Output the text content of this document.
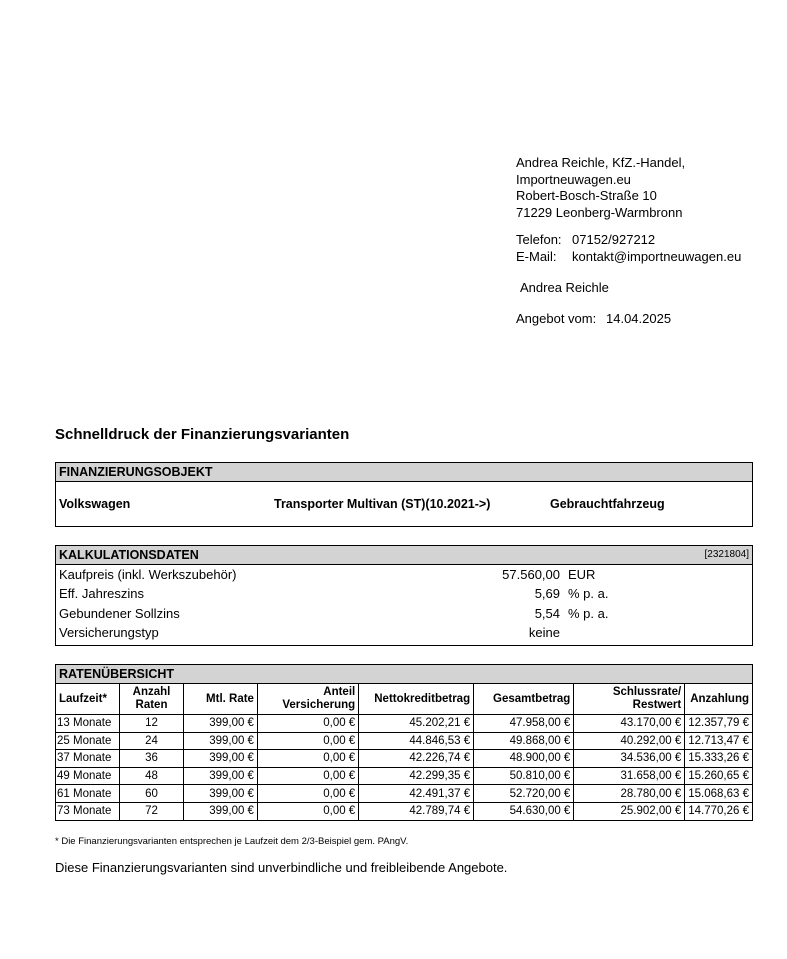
Andrea Reichle, KfZ.-Handel,
Importneuwagen.eu
Robert-Bosch-Straße 10
71229 Leonberg-Warmbronn
Telefon: 07152/927212
E-Mail:	kontakt@importneuwagen.eu
Andrea Reichle
Angebot vom: 14.04.2025
Schnelldruck der Finanzierungsvarianten
FINANZIERUNGSOBJEKT
Volkswagen	Transporter Multivan (ST)(10.2021->)	Gebrauchtfahrzeug
KALKULATIONSDATEN	[2321804]
Kaufpreis (inkl. Werkszubehör)	57.560,00 EUR
Eff. Jahreszins	5,69 % p. a.
Gebundener Sollzins	5,54 % p. a.
Versicherungstyp	keine
RATENÜBERSICHT
Laufzeit*	Anzahl Raten	Mtl. Rate	Anteil Versicherung	Nettokreditbetrag	Gesamtbetrag	Schlussrate/ Restwert	Anzahlung
13 Monate	12	399,00 €	0,00 €	45.202,21 €	47.958,00 €	43.170,00 €	12.357,79 €
25 Monate	24	399,00 €	0,00 €	44.846,53 €	49.868,00 €	40.292,00 €	12.713,47 €
37 Monate	36	399,00 €	0,00 €	42.226,74 €	48.900,00 €	34.536,00 €	15.333,26 €
49 Monate	48	399,00 €	0,00 €	42.299,35 €	50.810,00 €	31.658,00 €	15.260,65 €
61 Monate	60	399,00 €	0,00 €	42.491,37 €	52.720,00 €	28.780,00 €	15.068,63 €
73 Monate	72	399,00 €	0,00 €	42.789,74 €	54.630,00 €	25.902,00 €	14.770,26 €
* Die Finanzierungsvarianten entsprechen je Laufzeit dem 2/3-Beispiel gem. PAngV.
Diese Finanzierungsvarianten sind unverbindliche und freibleibende Angebote.
